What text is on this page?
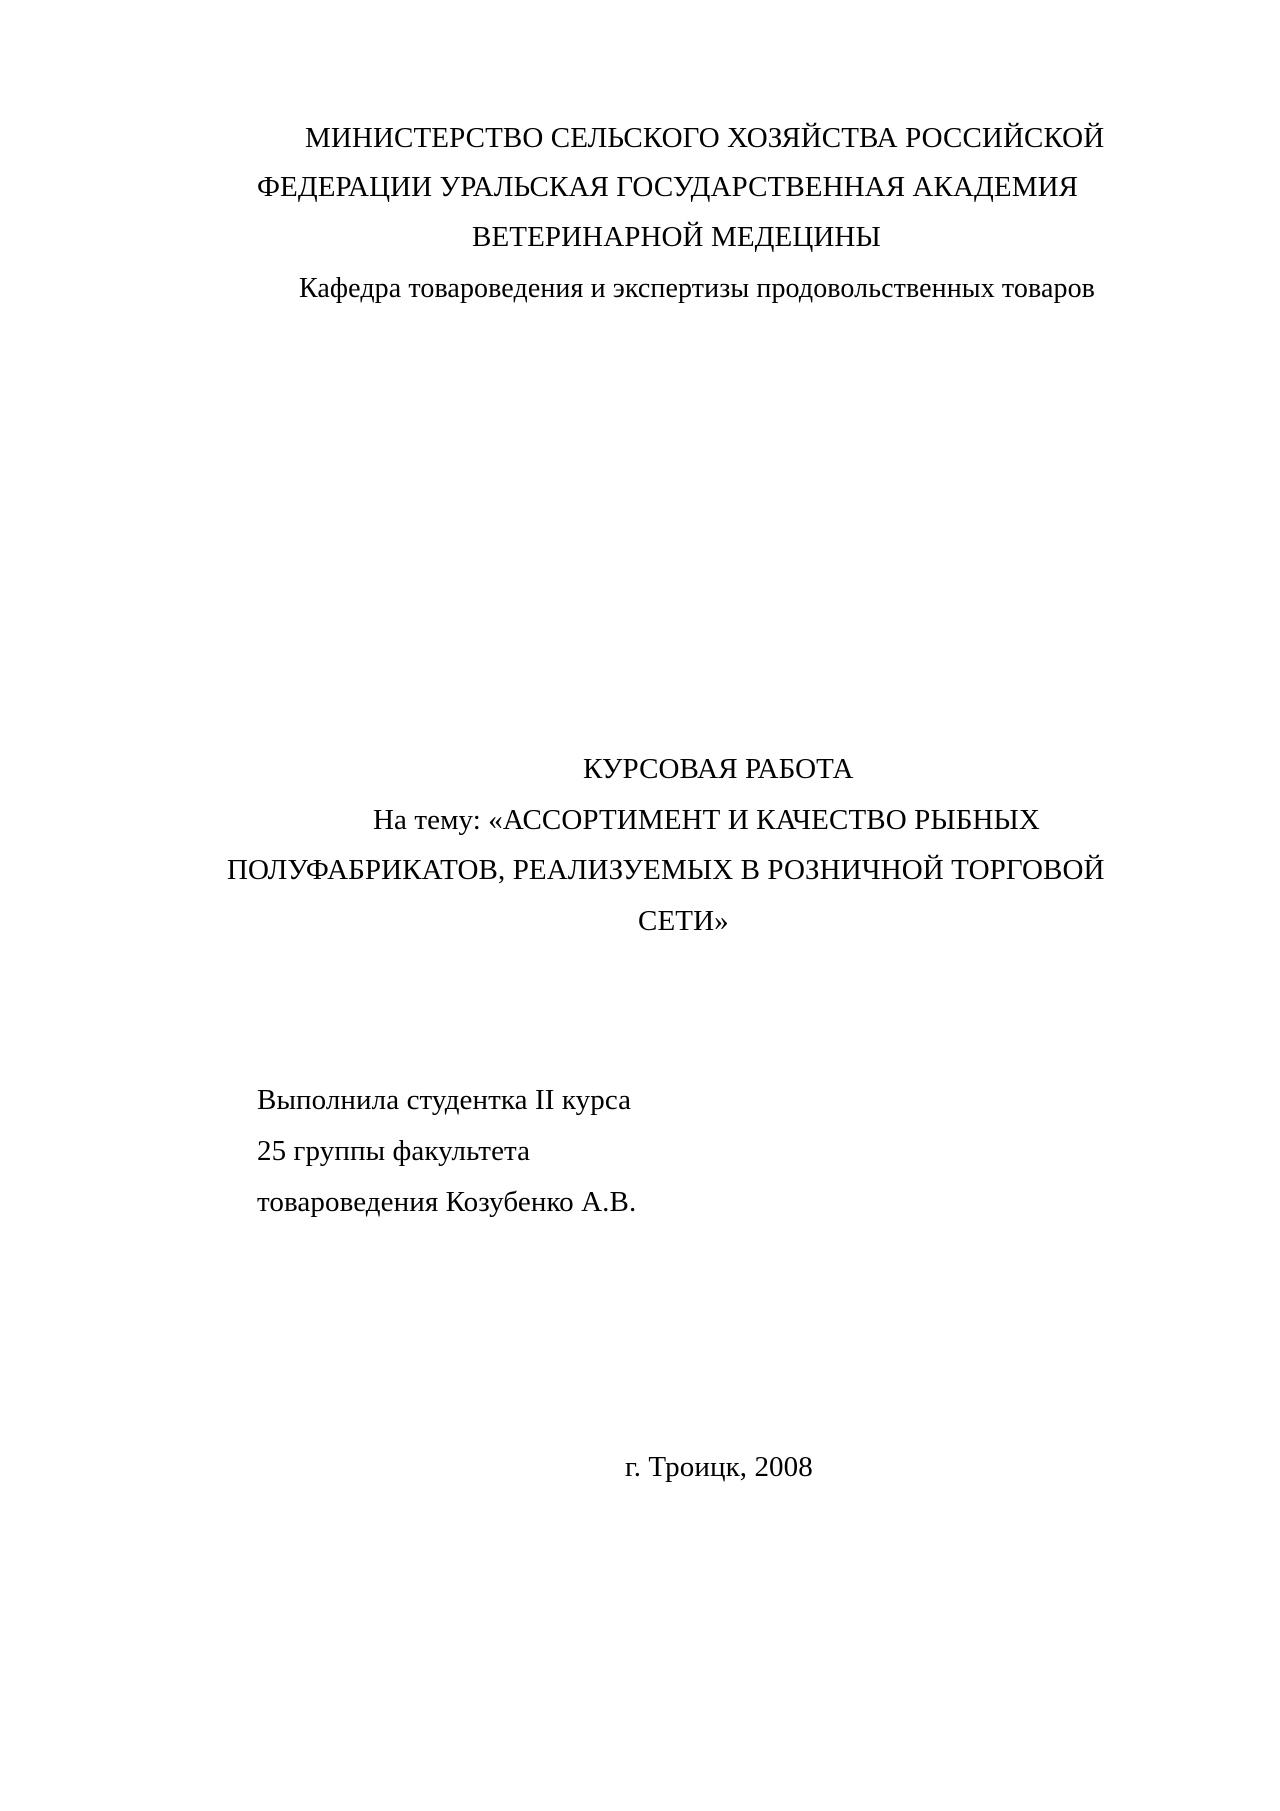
МИНИСТЕРСТВО СЕЛЬСКОГО ХОЗЯЙСТВА РОССИЙСКОЙ
ФЕДЕРАЦИИ УРАЛЬСКАЯ ГОСУДАРСТВЕННАЯ АКАДЕМИЯ
ВЕТЕРИНАРНОЙ МЕДЕЦИНЫ
Кафедра товароведения и экспертизы продовольственных товаров
КУРСОВАЯ РАБОТА
На тему: «АССОРТИМЕНТ И КАЧЕСТВО РЫБНЫХ
ПОЛУФАБРИКАТОВ, РЕАЛИЗУЕМЫХ В РОЗНИЧНОЙ ТОРГОВОЙ
СЕТИ»
Выполнила студентка II курса
25 группы факультета
товароведения Козубенко А.В.
г. Троицк, 2008
